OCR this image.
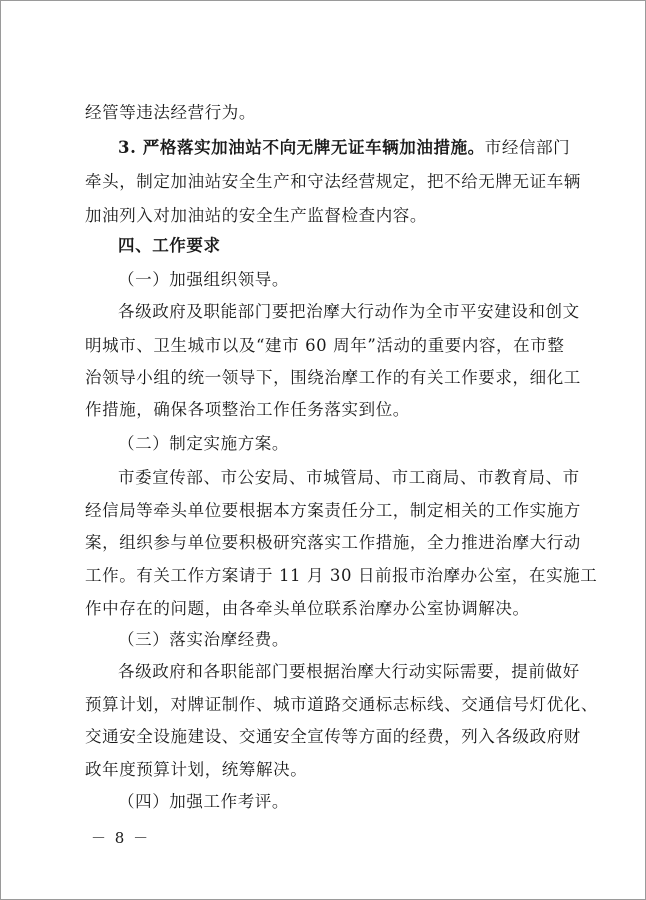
经管等违法经营行为。
3. 严格落实加油站不向无牌无证车辆加油措施。市经信部门
牵头，制定加油站安全生产和守法经营规定，把不给无牌无证车辆
加油列入对加油站的安全生产监督检查内容。
四、工作要求
（一）加强组织领导。
各级政府及职能部门要把治摩大行动作为全市平安建设和创文
明城市、卫生城市以及“建市 60 周年”活动的重要内容，在市整
治领导小组的统一领导下，围绕治摩工作的有关工作要求，细化工
作措施，确保各项整治工作任务落实到位。
（二）制定实施方案。
市委宣传部、市公安局、市城管局、市工商局、市教育局、市
经信局等牵头单位要根据本方案责任分工，制定相关的工作实施方
案，组织参与单位要积极研究落实工作措施，全力推进治摩大行动
工作。有关工作方案请于 11 月 30 日前报市治摩办公室，在实施工
作中存在的问题，由各牵头单位联系治摩办公室协调解决。
（三）落实治摩经费。
各级政府和各职能部门要根据治摩大行动实际需要，提前做好
预算计划，对牌证制作、城市道路交通标志标线、交通信号灯优化、
交通安全设施建设、交通安全宣传等方面的经费，列入各级政府财
政年度预算计划，统筹解决。
（四）加强工作考评。
－ 8 －
